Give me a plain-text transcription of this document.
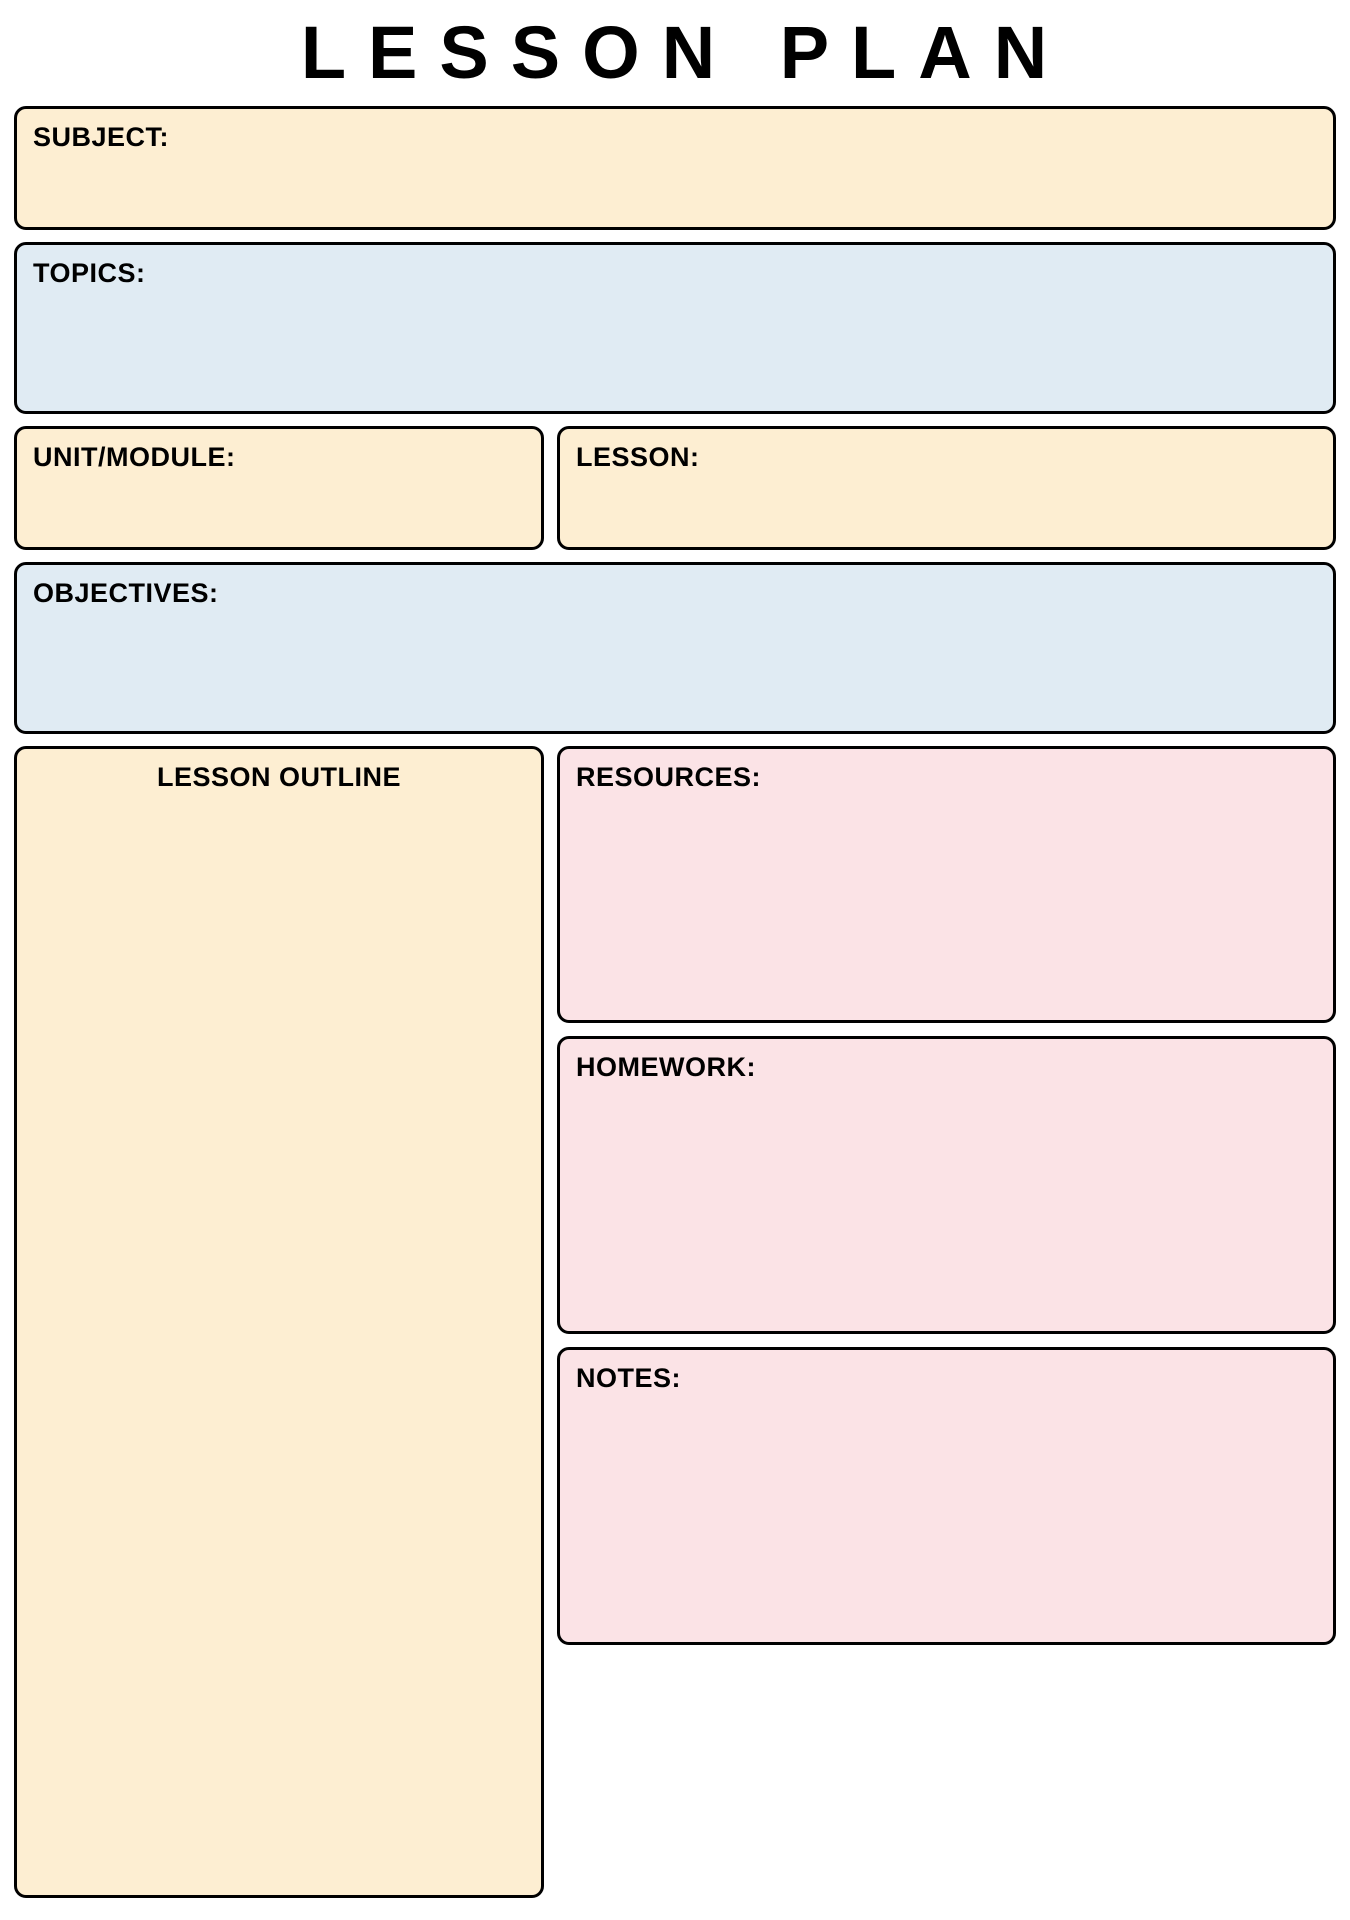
LESSON PLAN
SUBJECT:
TOPICS:
UNIT/MODULE:	LESSON:
OBJECTIVES:
LESSON OUTLINE	RESOURCES:
HOMEWORK:
NOTES:
